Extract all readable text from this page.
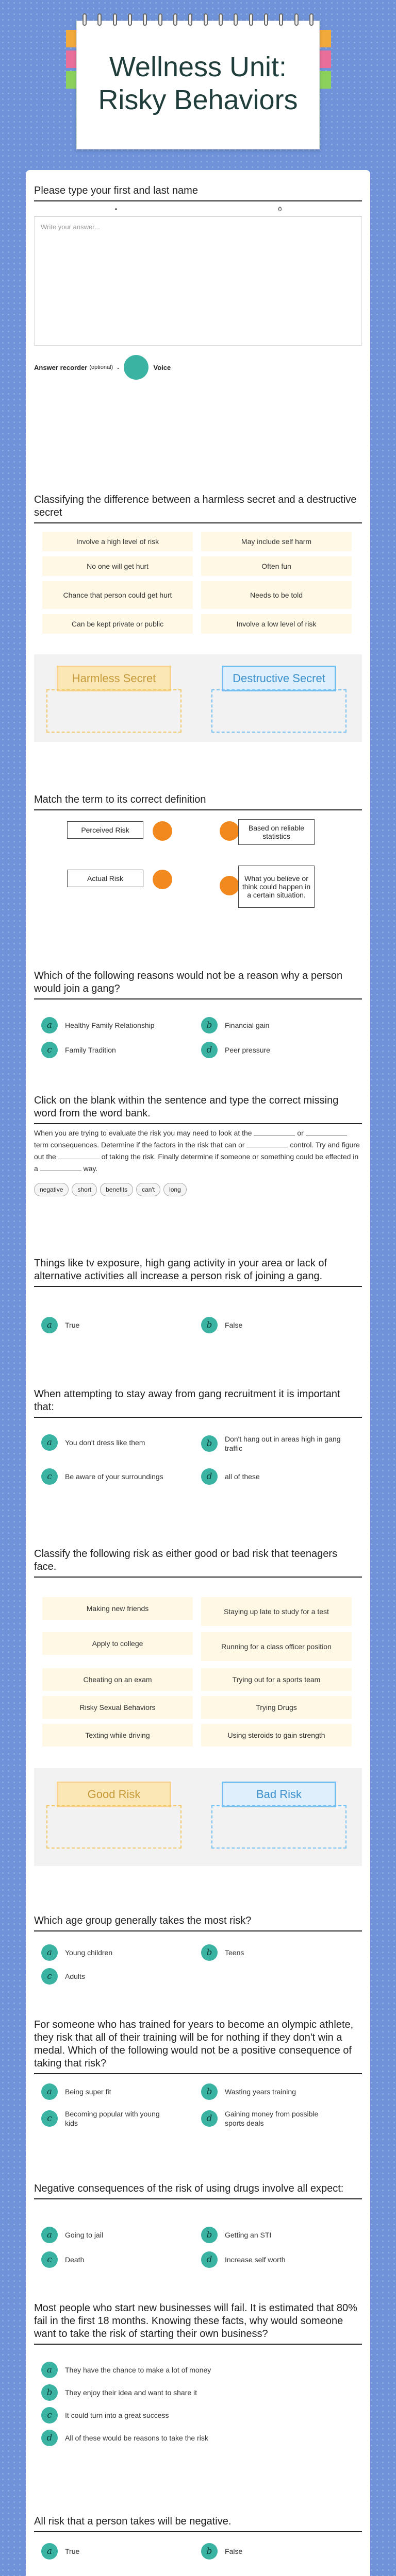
Wellness Unit: Risky Behaviors
Please type your first and last name
•	0
Write your answer...
Answer recorder (optional) -	Voice
Classifying the difference between a harmless secret and a destructive secret
Involve a high level of risk	May include self harm
No one will get hurt	Often fun
Chance that person could get hurt	Needs to be told
Can be kept private or public	Involve a low level of risk
Harmless Secret	Destructive Secret
Match the term to its correct definition
Perceived Risk	Based on reliable statistics
Actual Risk	What you believe or think could happen in a certain situation.
Which of the following reasons would not be a reason why a person would join a gang?
a	Healthy Family Relationship	b	Financial gain
c	Family Tradition	d	Peer pressure
Click on the blank within the sentence and type the correct missing word from the word bank.
When you are trying to evaluate the risk you may need to look at the	or  term consequences. Determine if the factors in the risk that can or	control. Try and figure out the	of taking the risk. Finally determine if someone or something could be effected in a	way.
negative short benefits can't long
Things like tv exposure, high gang activity in your area or lack of alternative activities all increase a person risk of joining a gang.
a	True	b	False
When attempting to stay away from gang recruitment it is important that:
a	You don't dress like them	b	Don't hang out in areas high in gang traffic
c	Be aware of your surroundings	d	all of these
Classify the following risk as either good or bad risk that teenagers face.
Making new friends	Staying up late to study for a test
Apply to college	Running for a class officer position
Cheating on an exam	Trying out for a sports team
Risky Sexual Behaviors	Trying Drugs
Texting while driving	Using steroids to gain strength
Good Risk	Bad Risk
Which age group generally takes the most risk?
a	Young children	b	Teens
c	Adults
For someone who has trained for years to become an olympic athlete, they risk that all of their training will be for nothing if they don't win a medal. Which of the following would not be a positive consequence of taking that risk?
a	Being super fit	b	Wasting years training
c	Becoming popular with young kids	d	Gaining money from possible sports deals
Negative consequences of the risk of using drugs involve all expect:
a	Going to jail	b	Getting an STI
c	Death	d	Increase self worth
Most people who start new businesses will fail. It is estimated that 80% fail in the first 18 months. Knowing these facts, why would someone want to take the risk of starting their own business?
a	They have the chance to make a lot of money
b	They enjoy their idea and want to share it
c	It could turn into a great success
d	All of these would be reasons to take the risk
All risk that a person takes will be negative.
a	True	b	False
